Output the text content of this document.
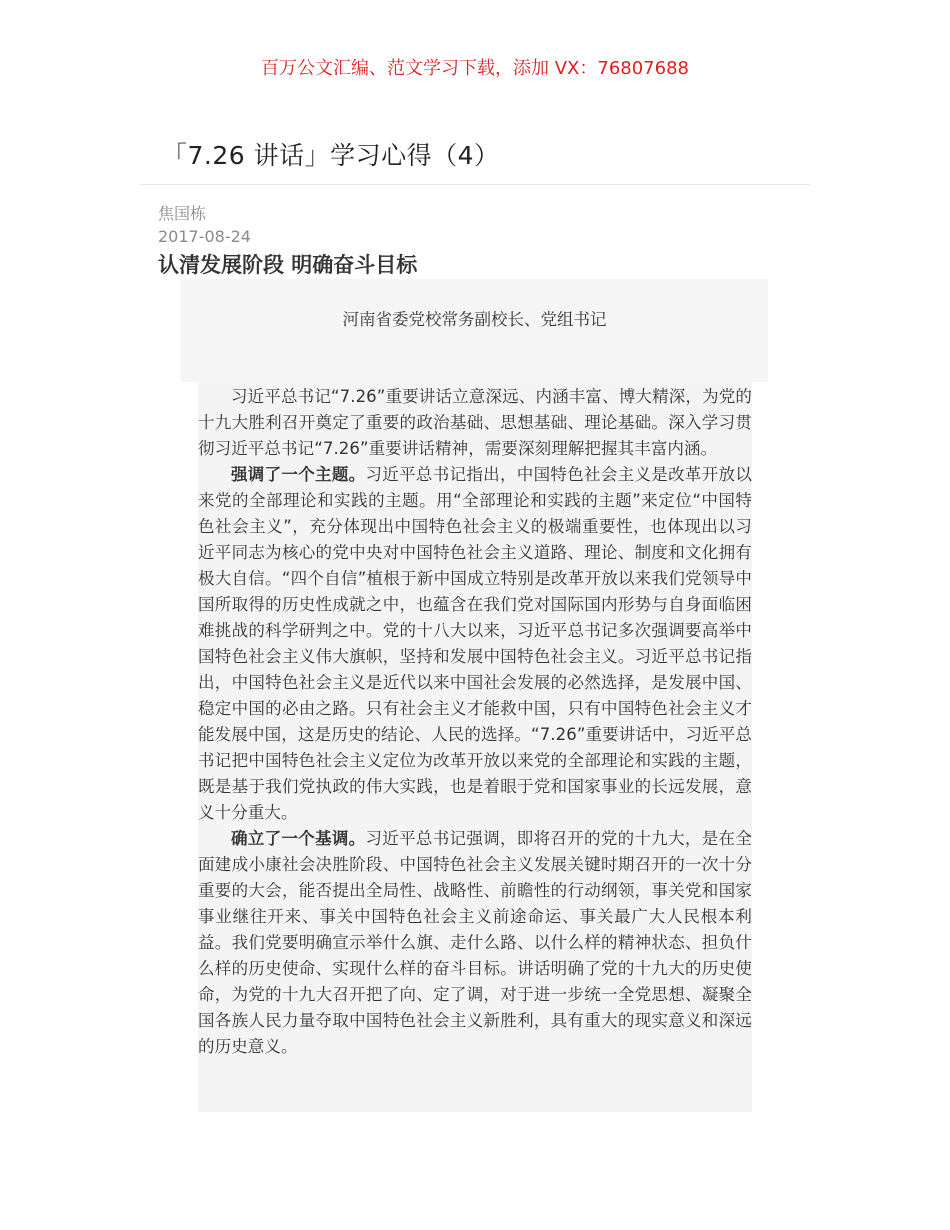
百万公文汇编、范文学习下载，添加 VX：76807688
「7.26 讲话」学习心得（4）
焦国栋
2017-08-24
认清发展阶段 明确奋斗目标
河南省委党校常务副校长、党组书记

习近平总书记“7.26”重要讲话立意深远、内涵丰富、博大精深，为党的十九大胜利召开奠定了重要的政治基础、思想基础、理论基础。深入学习贯彻习近平总书记“7.26”重要讲话精神，需要深刻理解把握其丰富内涵。

强调了一个主题。习近平总书记指出，中国特色社会主义是改革开放以来党的全部理论和实践的主题。用“全部理论和实践的主题”来定位“中国特色社会主义”，充分体现出中国特色社会主义的极端重要性，也体现出以习近平同志为核心的党中央对中国特色社会主义道路、理论、制度和文化拥有极大自信。“四个自信”植根于新中国成立特别是改革开放以来我们党领导中国所取得的历史性成就之中，也蕴含在我们党对国际国内形势与自身面临困难挑战的科学研判之中。党的十八大以来，习近平总书记多次强调要高举中国特色社会主义伟大旗帜，坚持和发展中国特色社会主义。习近平总书记指出，中国特色社会主义是近代以来中国社会发展的必然选择，是发展中国、稳定中国的必由之路。只有社会主义才能救中国，只有中国特色社会主义才能发展中国，这是历史的结论、人民的选择。“7.26”重要讲话中，习近平总书记把中国特色社会主义定位为改革开放以来党的全部理论和实践的主题，既是基于我们党执政的伟大实践，也是着眼于党和国家事业的长远发展，意义十分重大。

确立了一个基调。习近平总书记强调，即将召开的党的十九大，是在全面建成小康社会决胜阶段、中国特色社会主义发展关键时期召开的一次十分重要的大会，能否提出全局性、战略性、前瞻性的行动纲领，事关党和国家事业继往开来、事关中国特色社会主义前途命运、事关最广大人民根本利益。我们党要明确宣示举什么旗、走什么路、以什么样的精神状态、担负什么样的历史使命、实现什么样的奋斗目标。讲话明确了党的十九大的历史使命，为党的十九大召开把了向、定了调，对于进一步统一全党思想、凝聚全国各族人民力量夺取中国特色社会主义新胜利，具有重大的现实意义和深远的历史意义。
